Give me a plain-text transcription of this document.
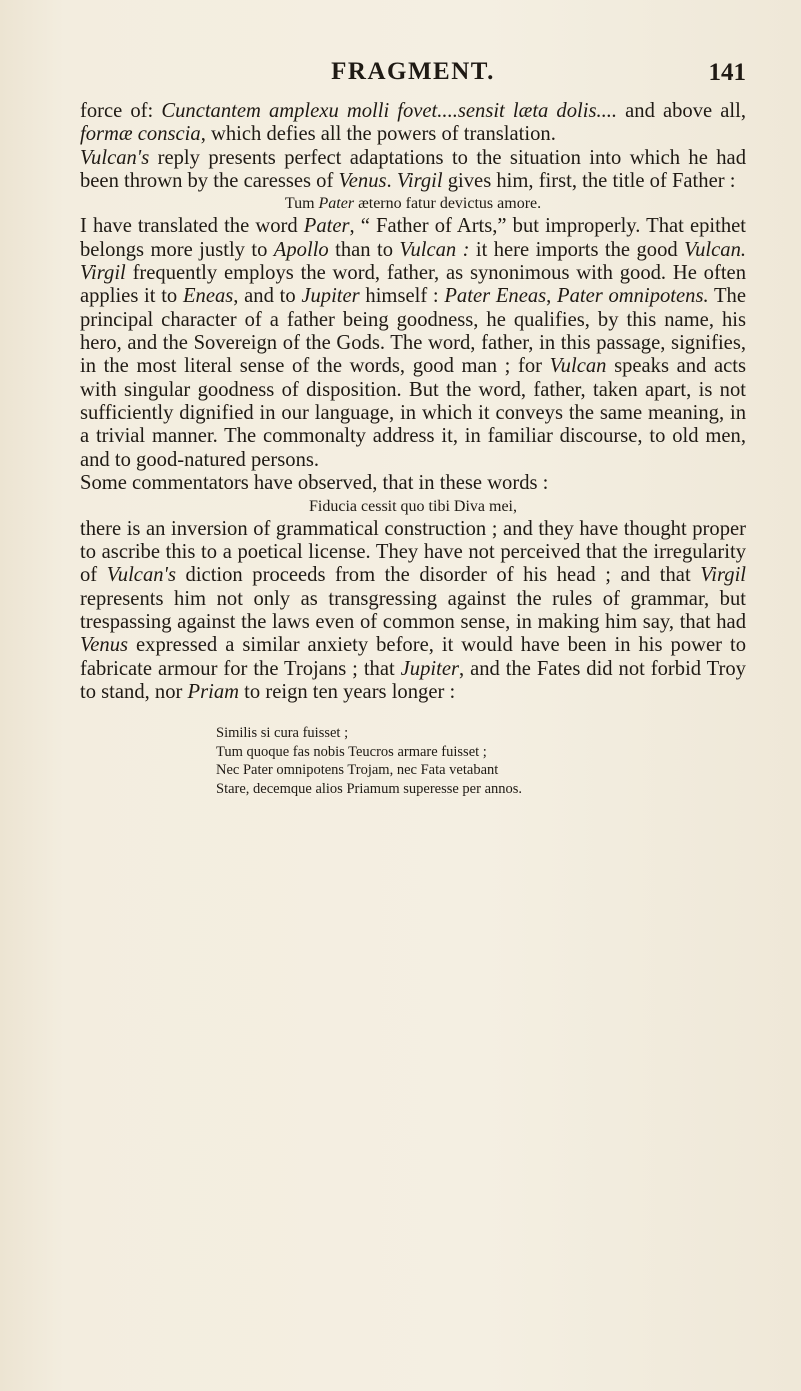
FRAGMENT.	141

force of: Cunctantem amplexu molli fovet....sensit læta dolis.... and above all, formæ conscia, which defies all the powers of translation.

Vulcan's reply presents perfect adaptations to the situation into which he had been thrown by the caresses of Venus. Virgil gives him, first, the title of Father :

Tum Pater æterno fatur devictus amore.

I have translated the word Pater, “ Father of Arts,” but improperly. That epithet belongs more justly to Apollo than to Vulcan : it here imports the good Vulcan. Virgil frequently employs the word, father, as synonimous with good. He often applies it to Eneas, and to Jupiter himself : Pater Eneas, Pater omnipotens. The principal character of a father being goodness, he qualifies, by this name, his hero, and the Sovereign of the Gods. The word, father, in this passage, signifies, in the most literal sense of the words, good man ; for Vulcan speaks and acts with singular goodness of disposition. But the word, father, taken apart, is not sufficiently dignified in our language, in which it conveys the same meaning, in a trivial manner. The commonalty address it, in familiar discourse, to old men, and to good-natured persons.

Some commentators have observed, that in these words :

Fiducia cessit quo tibi Diva mei,

there is an inversion of grammatical construction ; and they have thought proper to ascribe this to a poetical license. They have not perceived that the irregularity of Vulcan's diction proceeds from the disorder of his head ; and that Virgil represents him not only as transgressing against the rules of grammar, but trespassing against the laws even of common sense, in making him say, that had Venus expressed a similar anxiety before, it would have been in his power to fabricate armour for the Trojans ; that Jupiter, and the Fates did not forbid Troy to stand, nor Priam to reign ten years longer :

Similis si cura fuisset ;
Tum quoque fas nobis Teucros armare fuisset ;
Nec Pater omnipotens Trojam, nec Fata vetabant
Stare, decemque alios Priamum superesse per annos.
